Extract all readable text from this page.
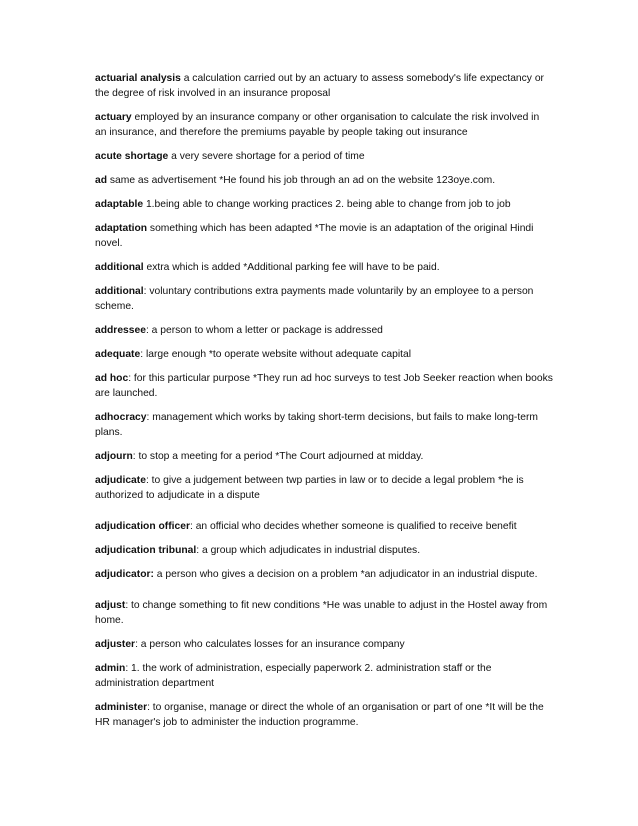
actuarial analysis a calculation carried out by an actuary to assess somebody's life expectancy or the degree of risk involved in an insurance proposal

actuary employed by an insurance company or other organisation to calculate the risk involved in an insurance, and therefore the premiums payable by people taking out insurance

acute shortage a very severe shortage for a period of time

ad same as advertisement *He found his job through an ad on the website 123oye.com.

adaptable 1.being able to change working practices 2. being able to change from job to job

adaptation something which has been adapted *The movie is an adaptation of the original Hindi novel.

additional extra which is added *Additional parking fee will have to be paid.

additional: voluntary contributions extra payments made voluntarily by an employee to a person scheme.

addressee: a person to whom a letter or package is addressed

adequate: large enough *to operate website without adequate capital

ad hoc: for this particular purpose *They run ad hoc surveys to test Job Seeker reaction when books are launched.

adhocracy: management which works by taking short-term decisions, but fails to make long-term plans.

adjourn: to stop a meeting for a period *The Court adjourned at midday.

adjudicate: to give a judgement between twp parties in law or to decide a legal problem *he is authorized to adjudicate in a dispute

adjudication officer: an official who decides whether someone is qualified to receive benefit

adjudication tribunal: a group which adjudicates in industrial disputes.

adjudicator: a person who gives a decision on a problem *an adjudicator in an industrial dispute.

adjust: to change something to fit new conditions *He was unable to adjust in the Hostel away from home.

adjuster: a person who calculates losses for an insurance company

admin: 1. the work of administration, especially paperwork 2. administration staff or the administration department

administer: to organise, manage or direct the whole of an organisation or part of one *It will be the HR manager's job to administer the induction programme.
